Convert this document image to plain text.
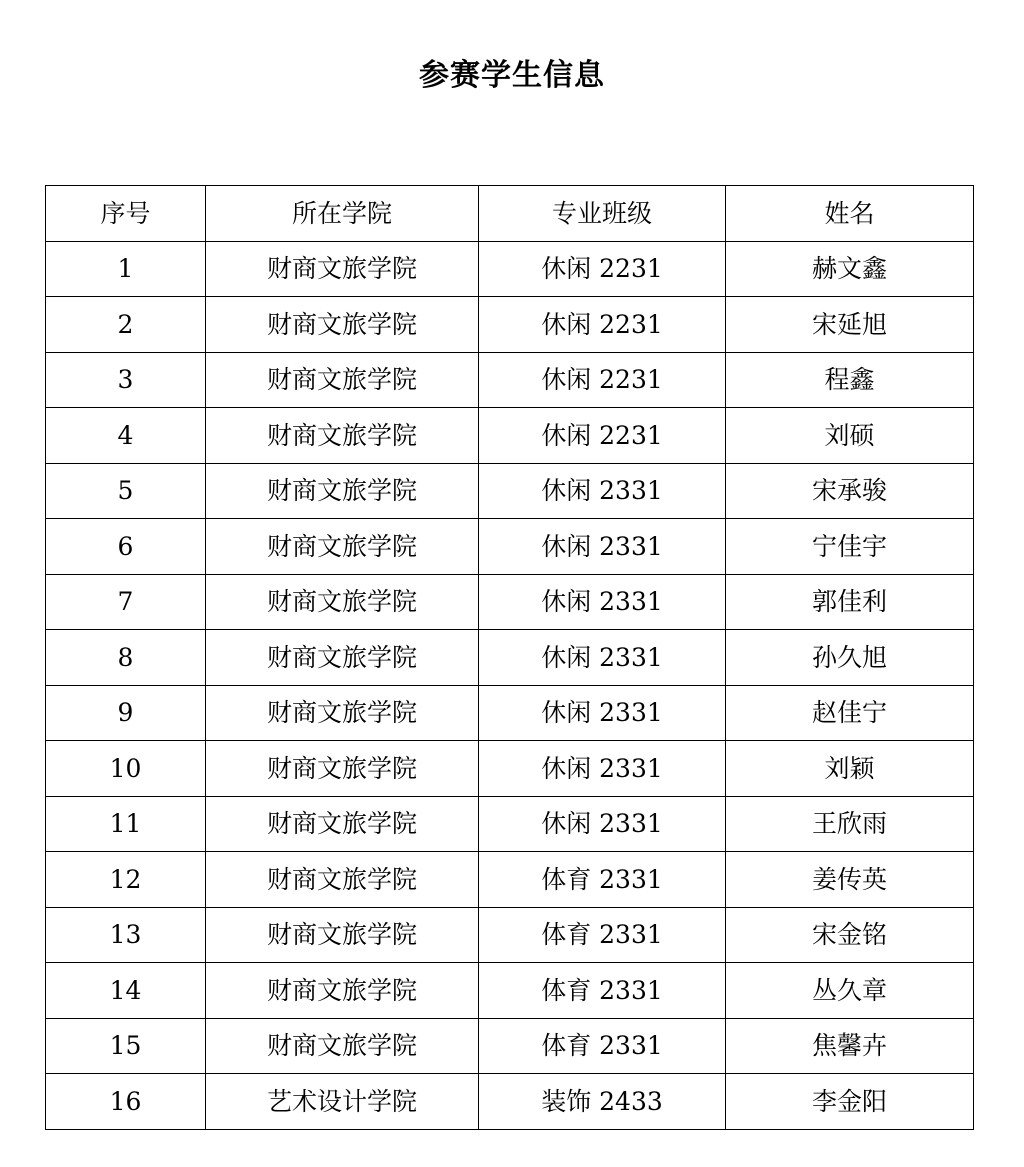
参赛学生信息
序号	所在学院	专业班级	姓名
1	财商文旅学院	休闲 2231	赫文鑫
2	财商文旅学院	休闲 2231	宋延旭
3	财商文旅学院	休闲 2231	程鑫
4	财商文旅学院	休闲 2231	刘硕
5	财商文旅学院	休闲 2331	宋承骏
6	财商文旅学院	休闲 2331	宁佳宇
7	财商文旅学院	休闲 2331	郭佳利
8	财商文旅学院	休闲 2331	孙久旭
9	财商文旅学院	休闲 2331	赵佳宁
10	财商文旅学院	休闲 2331	刘颖
11	财商文旅学院	休闲 2331	王欣雨
12	财商文旅学院	体育 2331	姜传英
13	财商文旅学院	体育 2331	宋金铭
14	财商文旅学院	体育 2331	丛久章
15	财商文旅学院	体育 2331	焦馨卉
16	艺术设计学院	装饰 2433	李金阳
